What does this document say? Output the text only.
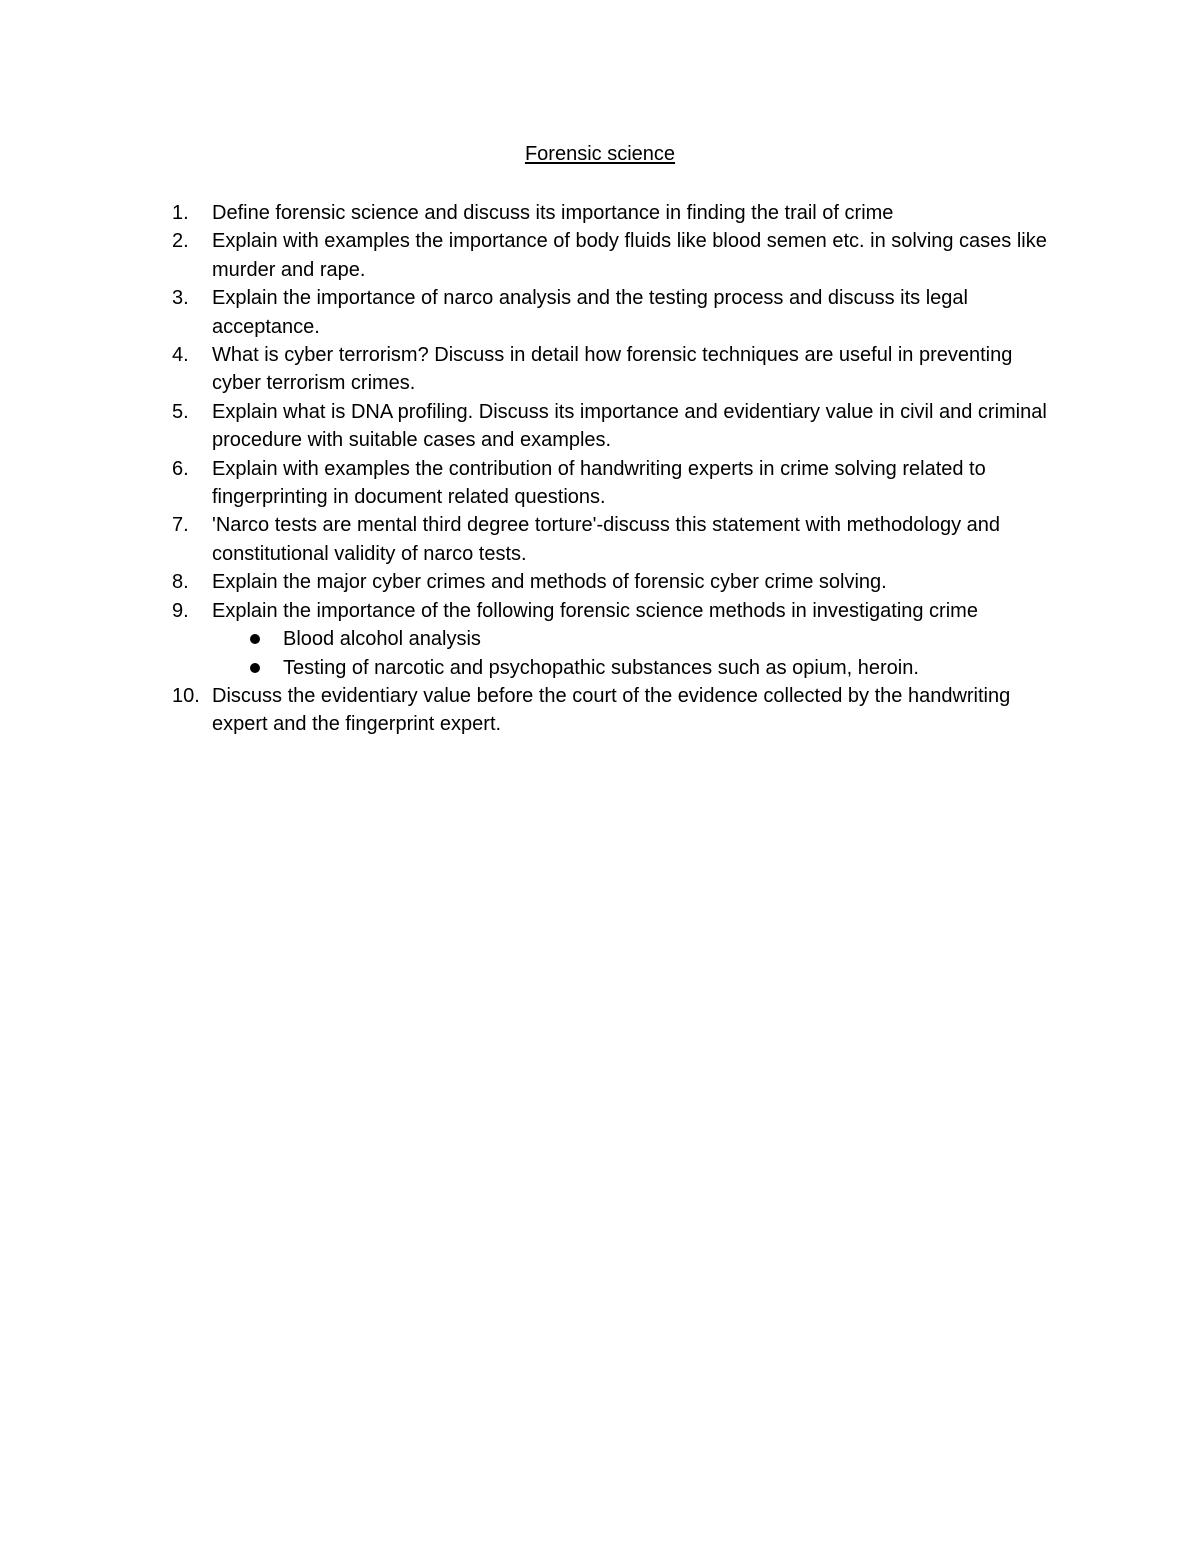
Forensic science
1.	Define forensic science and discuss its importance in finding the trail of crime
2.	Explain with examples the importance of body fluids like blood semen etc. in solving cases like murder and rape.
3.	Explain the importance of narco analysis and the testing process and discuss its legal acceptance.
4.	What is cyber terrorism? Discuss in detail how forensic techniques are useful in preventing cyber terrorism crimes.
5.	Explain what is DNA profiling. Discuss its importance and evidentiary value in civil and criminal procedure with suitable cases and examples.
6.	Explain with examples the contribution of handwriting experts in crime solving related to fingerprinting in document related questions.
7.	'Narco tests are mental third degree torture'-discuss this statement with methodology and constitutional validity of narco tests.
8.	Explain the major cyber crimes and methods of forensic cyber crime solving.
9.	Explain the importance of the following forensic science methods in investigating crime
Blood alcohol analysis
Testing of narcotic and psychopathic substances such as opium, heroin.
10. Discuss the evidentiary value before the court of the evidence collected by the handwriting expert and the fingerprint expert.
